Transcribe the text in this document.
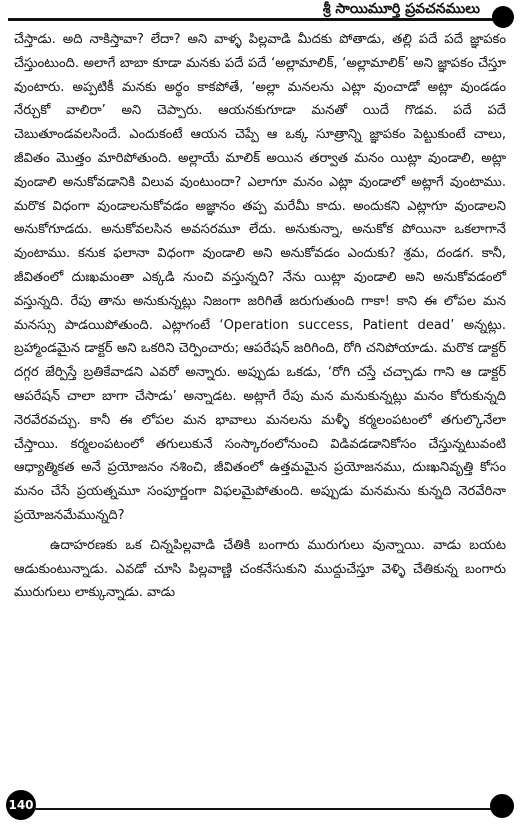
శ్రీ సాయిమూర్తి ప్రవచనములు

చేస్తాడు. అది నాకిస్తావా? లేదా? అని వాళ్ళ పిల్లవాడి మీదకు పోతాడు, తల్లి పదే పదే జ్ఞాపకం చేస్తుంటుంది. అలాగే బాబా కూడా మనకు పదే పదే ‘అల్లామాలిక్, ‘అల్లామాలిక్’ అని జ్ఞాపకం చేస్తూ వుంటారు. అప్పటికీ మనకు అర్థం కాకపోతే, ‘అల్లా మనలను ఎట్లా వుంచాడో అట్లా వుండడం నేర్చుకో వాలిరా’ అని చెప్పారు. ఆయనకుగూడా మనతో యిదే గొడవ. పదే పదే చెబుతూండవలసిందే. ఎందుకంటే ఆయన చెప్పే ఆ ఒక్క సూత్రాన్ని జ్ఞాపకం పెట్టుకుంటే చాలు, జీవితం మొత్తం మారిపోతుంది. అల్లాయే మాలిక్ అయిన తర్వాత మనం యిట్లా వుండాలి, అట్లా వుండాలి అనుకోవడానికి విలువ వుంటుందా? ఎలాగూ మనం ఎట్లా వుండాలో అట్లాగే వుంటాము. మరొక విధంగా వుండాలనుకోవడం అజ్ఞానం తప్ప మరేమీ కాదు. అందుకని ఎట్లాగూ వుండాలని అనుకోగూడదు. అనుకోవలసిన అవసరమూ లేదు. అనుకున్నా, అనుకోక పోయినా ఒకలాగానే వుంటాము. కనుక ఫలానా విధంగా వుండాలి అని అనుకోవడం ఎందుకు? శ్రమ, దండగ. కానీ, జీవితంలో దుఃఖమంతా ఎక్కడి నుంచి వస్తున్నది? నేను యిట్లా వుండాలి అని అనుకోవడంలో వస్తున్నది. రేపు తాను అనుకున్నట్లు నిజంగా జరిగితే జరుగుతుంది గాకా! కాని ఈ లోపల మన మనస్సు పాడయిపోతుంది. ఎట్లాగంటే ‘Operation success, Patient dead’ అన్నట్లు. బ్రహ్మాండమైన డాక్టర్ అని ఒకరిని చెర్పించారు; ఆపరేషన్ జరిగింది, రోగి చనిపోయాడు. మరొక డాక్టర్ దగ్గర జేర్పిస్తే బ్రతికేవాడని ఎవరో అన్నారు. అప్పుడు ఒకడు, ‘రోగి చస్తే చచ్చాడు గాని ఆ డాక్టర్ ఆపరేషన్ చాలా బాగా చేసాడు’ అన్నాడట. అట్లాగే రేపు మన మనుకున్నట్లు మనం కోరుకున్నది నెరవేరవచ్చు. కానీ ఈ లోపల మన భావాలు మనలను మళ్ళీ కర్మలంపటంలో తగుల్కొనేలా చేస్తాయి. కర్మలంపటంలో తగులుకునే సంస్కారంలోనుంచి విడివడడానికోసం చేస్తున్నటువంటి ఆధ్యాత్మికత అనే ప్రయోజనం నశించి, జీవితంలో ఉత్తమమైన ప్రయోజనము, దుఃఖనివృత్తి కోసం మనం చేసే ప్రయత్నమూ సంపూర్ణంగా విఫలమైపోతుంది. అప్పుడు మనమను కున్నది నెరవేరినా ప్రయోజనమేమున్నది?

ఉదాహరణకు ఒక చిన్నపిల్లవాడి చేతికి బంగారు మురుగులు వున్నాయి. వాడు బయట ఆడుకుంటున్నాడు. ఎవడో చూసి పిల్లవాణ్ణి చంకనేసుకుని ముద్దుచేస్తూ వెళ్ళి చేతికున్న బంగారు మురుగులు లాక్కున్నాడు. వాడు

140
